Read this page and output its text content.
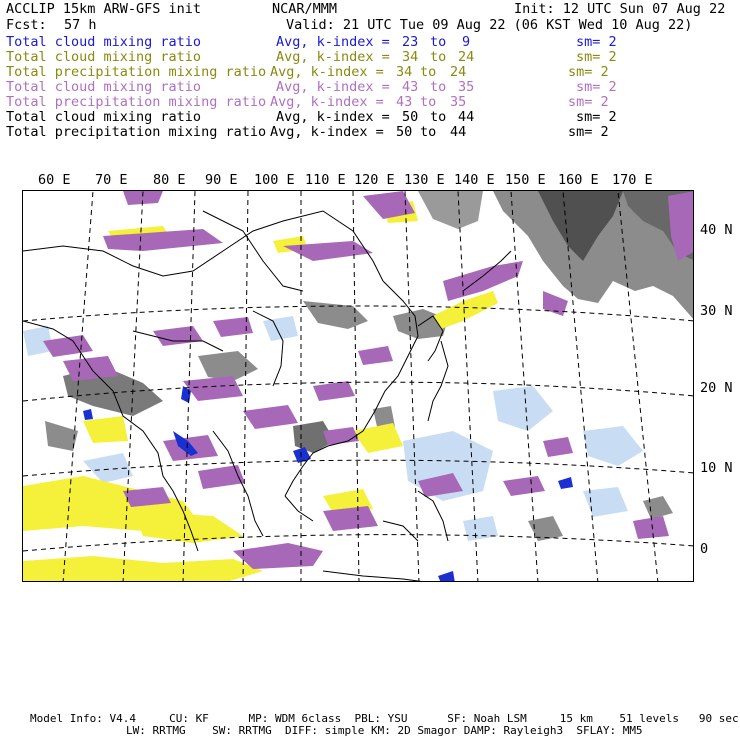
ACCLIP 15km ARW-GFS init	NCAR/MMM	Init: 12 UTC Sun 07 Aug 22
Fcst: 57 h	Valid: 21 UTC Tue 09 Aug 22 (06 KST Wed 10 Aug 22)
Total cloud mixing ratio	Avg, k-index = 23 to 9	sm= 2
Total cloud mixing ratio	Avg, k-index = 34 to 24	sm= 2
Total precipitation mixing ratio Avg, k-index = 34 to 24	sm= 2
Total cloud mixing ratio	Avg, k-index = 43 to 35	sm= 2
Total precipitation mixing ratio Avg, k-index = 43 to 35	sm= 2
Total cloud mixing ratio	Avg, k-index = 50 to 44	sm= 2
Total precipitation mixing ratio Avg, k-index = 50 to 44	sm= 2
60 E 70 E 80 E 90 E 100 E 110 E 120 E 130 E 140 E 150 E 160 E 170 E
40 N
30 N
20 N
10 N
0
Model Info: V4.4     CU: KF      MP: WDM 6class  PBL: YSU      SF: Noah LSM     15 km    51 levels   90 sec
LW: RRTMG    SW: RRTMG  DIFF: simple KM: 2D Smagor DAMP: Rayleigh3  SFLAY: MM5
